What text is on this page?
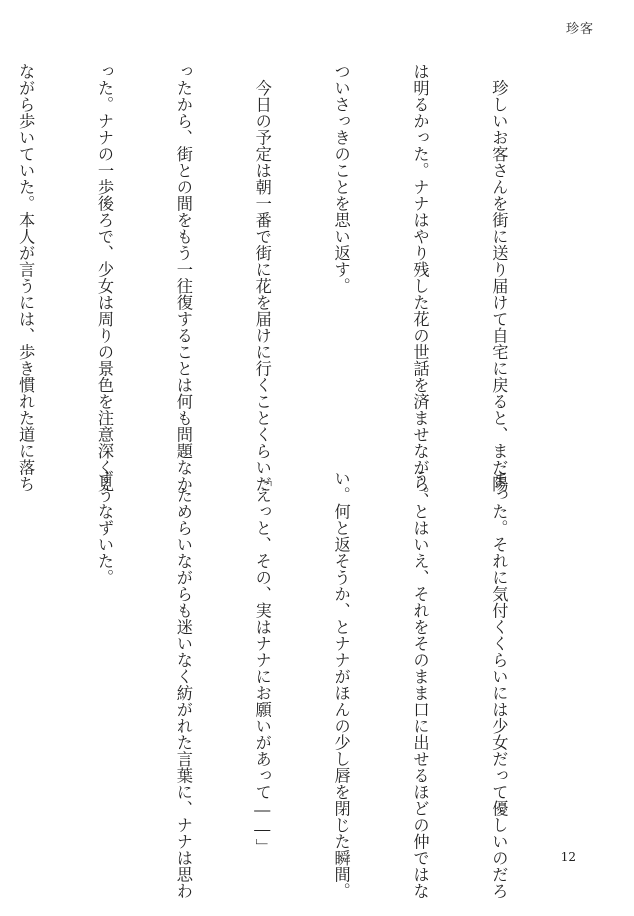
珍客

　珍しいお客さんを街に送り届けて自宅に戻ると、まだ陽

は明るかった。ナナはやり残した花の世話を済ませながら、

ついさっきのことを思い返す。

　今日の予定は朝一番で街に花を届けに行くことくらいだ

ったから、街との間をもう一往復することは何も問題なか

った。ナナの一歩後ろで、少女は周りの景色を注意深く見

ながら歩いていた。本人が言うには、歩き慣れた道に落ち

まった。それに気付くくらいには少女だって優しいのだろ

う。とはいえ、それをそのまま口に出せるほどの仲ではな

い。何と返そうか、とナナがほんの少し唇を閉じた瞬間。

「えっと、その、実はナナにお願いがあって――」

　ためらいながらも迷いなく紡がれた言葉に、ナナは思わ

ずうなずいた。

12
